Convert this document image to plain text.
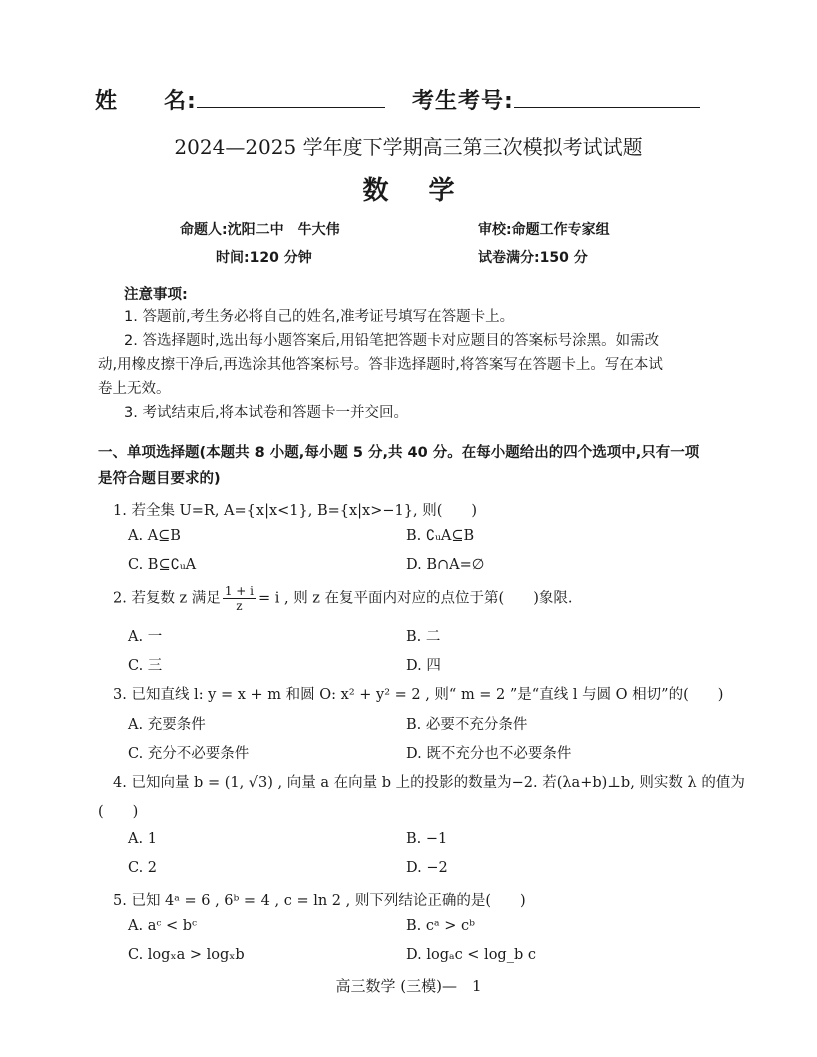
姓　　名:	考生考号:
2024—2025 学年度下学期高三第三次模拟考试试题
数学
命题人:沈阳二中　牛大伟	审校:命题工作专家组
时间:120 分钟	试卷满分:150 分
注意事项:
1. 答题前,考生务必将自己的姓名,准考证号填写在答题卡上。
2. 答选择题时,选出每小题答案后,用铅笔把答题卡对应题目的答案标号涂黑。如需改
动,用橡皮擦干净后,再选涂其他答案标号。答非选择题时,将答案写在答题卡上。写在本试
卷上无效。
3. 考试结束后,将本试卷和答题卡一并交回。
一、单项选择题(本题共 8 小题,每小题 5 分,共 40 分。在每小题给出的四个选项中,只有一项
是符合题目要求的)
1. 若全集 U=R, A={x|x<1}, B={x|x>−1}, 则(　　)
A. A⊆B	B. ∁ᵤA⊆B
C. B⊆∁ᵤA	D. B∩A=∅
2. 若复数 z 满足 $\frac{1 + i}{z} = i$ , 则 z 在复平面内对应的点位于第(　　)象限.
A. 一	B. 二
C. 三	D. 四
3. 已知直线 l: y = x + m 和圆 O: x² + y² = 2 , 则“ m = 2 ”是“直线 l 与圆 O 相切”的(　　)
A. 充要条件	B. 必要不充分条件
C. 充分不必要条件	D. 既不充分也不必要条件
4. 已知向量 b = (1, √3) , 向量 a 在向量 b 上的投影的数量为−2. 若(λa+b)⊥b, 则实数 λ 的值为
(　　)
A. 1	B. −1
C. 2	D. −2
5. 已知 4ᵃ = 6 , 6ᵇ = 4 , c = ln 2 , 则下列结论正确的是(　　)
A. aᶜ < bᶜ	B. cᵃ > cᵇ
C. logₓa > logₓb	D. logₐc < log_b c
高三数学 (三模)—　1
